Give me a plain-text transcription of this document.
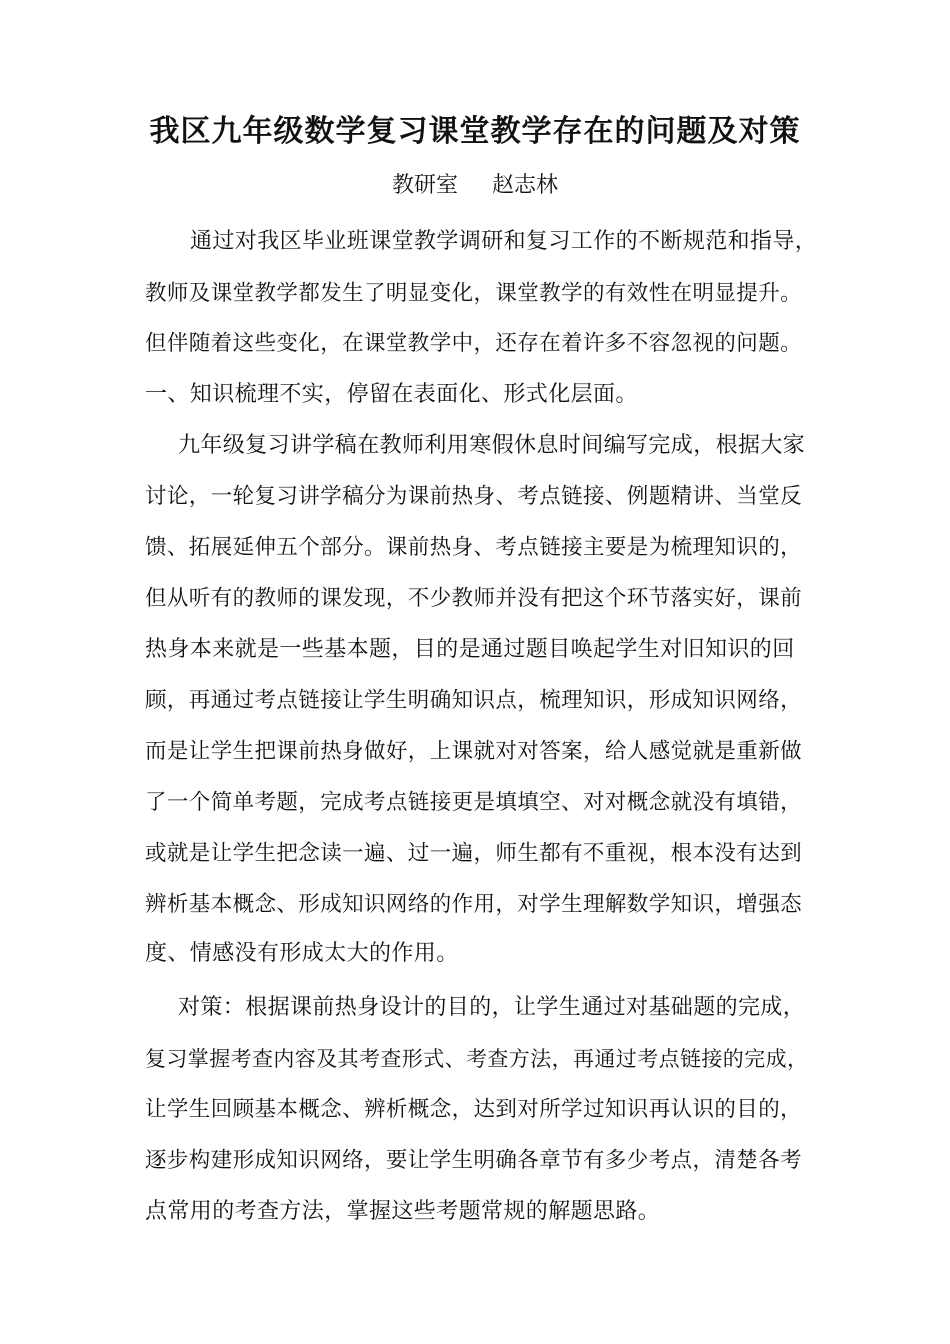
我区九年级数学复习课堂教学存在的问题及对策
教研室 赵志林
通过对我区毕业班课堂教学调研和复习工作的不断规范和指导，
教师及课堂教学都发生了明显变化，课堂教学的有效性在明显提升。
但伴随着这些变化，在课堂教学中，还存在着许多不容忽视的问题。
一、知识梳理不实，停留在表面化、形式化层面。
九年级复习讲学稿在教师利用寒假休息时间编写完成，根据大家
讨论，一轮复习讲学稿分为课前热身、考点链接、例题精讲、当堂反
馈、拓展延伸五个部分。课前热身、考点链接主要是为梳理知识的，
但从听有的教师的课发现，不少教师并没有把这个环节落实好，课前
热身本来就是一些基本题，目的是通过题目唤起学生对旧知识的回
顾，再通过考点链接让学生明确知识点，梳理知识，形成知识网络，
而是让学生把课前热身做好，上课就对对答案，给人感觉就是重新做
了一个简单考题，完成考点链接更是填填空、对对概念就没有填错，
或就是让学生把念读一遍、过一遍，师生都有不重视，根本没有达到
辨析基本概念、形成知识网络的作用，对学生理解数学知识，增强态
度、情感没有形成太大的作用。
对策：根据课前热身设计的目的，让学生通过对基础题的完成，
复习掌握考查内容及其考查形式、考查方法，再通过考点链接的完成，
让学生回顾基本概念、辨析概念，达到对所学过知识再认识的目的，
逐步构建形成知识网络，要让学生明确各章节有多少考点，清楚各考
点常用的考查方法，掌握这些考题常规的解题思路。
